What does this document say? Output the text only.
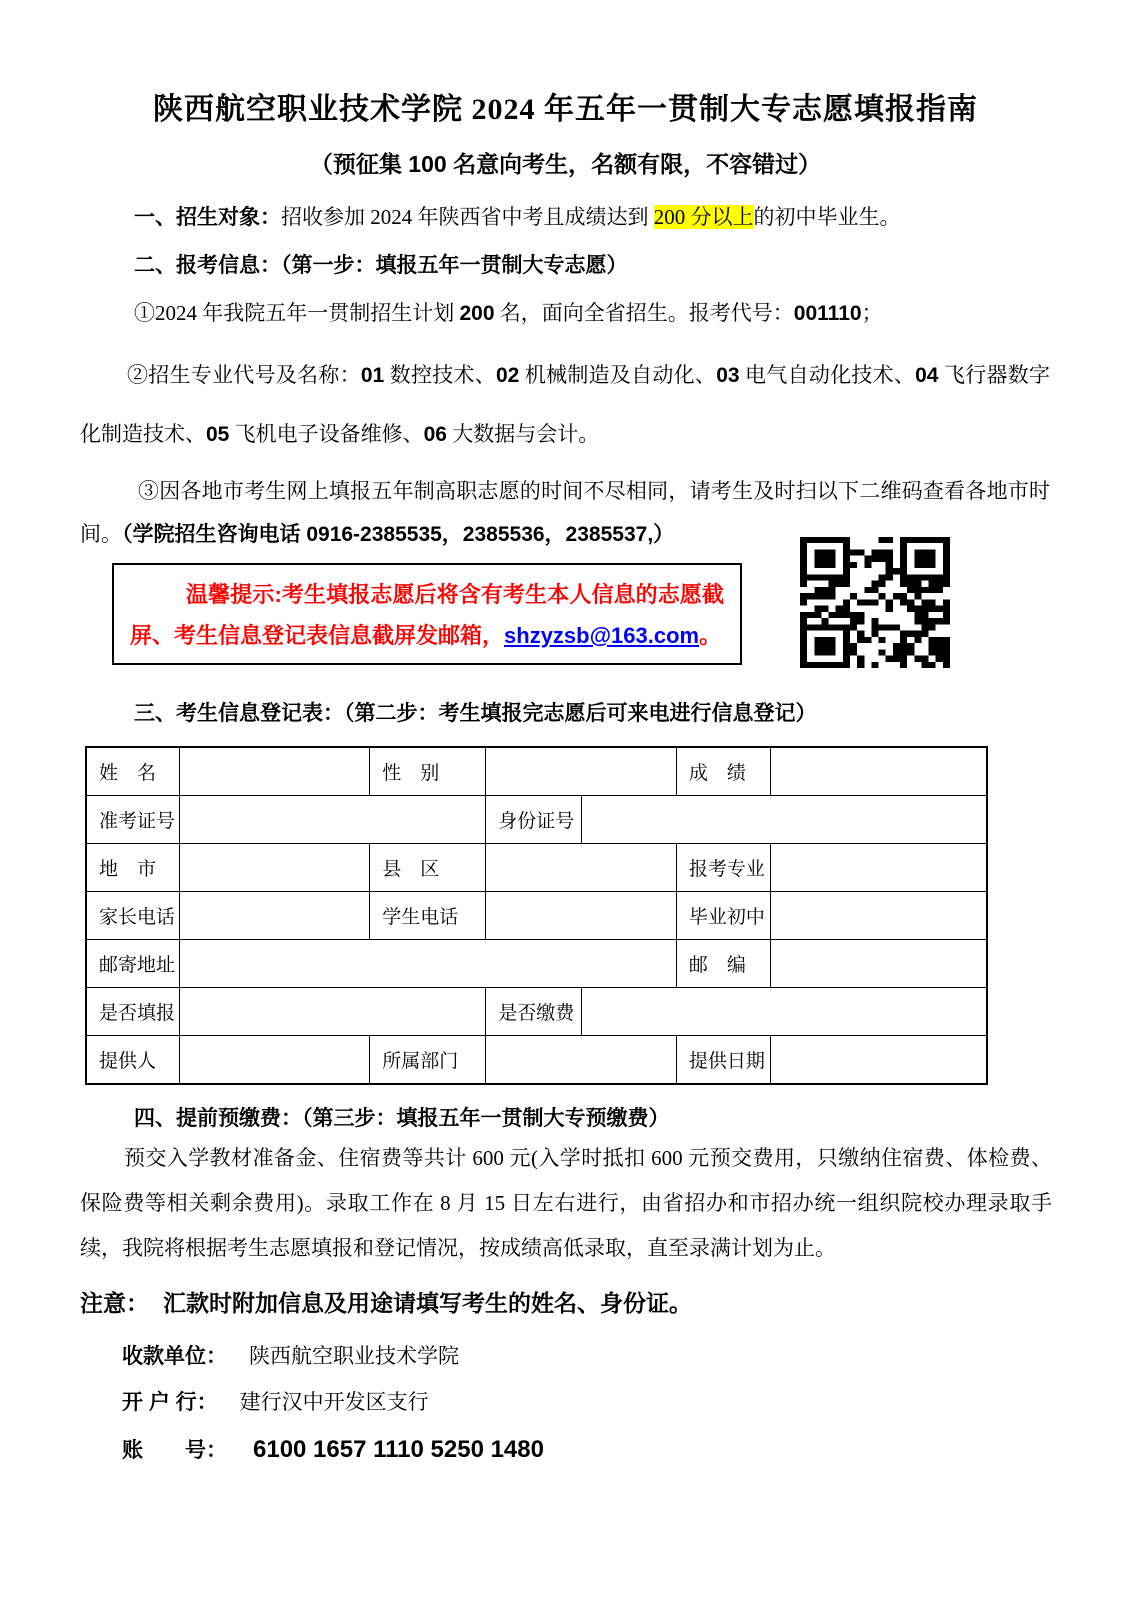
陕西航空职业技术学院 2024 年五年一贯制大专志愿填报指南
（预征集 100 名意向考生，名额有限，不容错过）

一、招生对象：招收参加 2024 年陕西省中考且成绩达到 200 分以上的初中毕业生。

二、报考信息：（第一步：填报五年一贯制大专志愿）

①2024 年我院五年一贯制招生计划 200 名，面向全省招生。报考代号：001110；

②招生专业代号及名称：01 数控技术、02 机械制造及自动化、03 电气自动化技术、04 飞行器数字化制造技术、05 飞机电子设备维修、06 大数据与会计。

③因各地市考生网上填报五年制高职志愿的时间不尽相同，请考生及时扫以下二维码查看各地市时间。（学院招生咨询电话 0916-2385535，2385536，2385537,）

温馨提示:考生填报志愿后将含有考生本人信息的志愿截屏、考生信息登记表信息截屏发邮箱，shzyzsb@163.com。

三、考生信息登记表：（第二步：考生填报完志愿后可来电进行信息登记）

姓　名	性　别	成　绩
准考证号	身份证号
地　市	县　区	报考专业
家长电话	学生电话	毕业初中
邮寄地址	邮　编
是否填报	是否缴费
提供人	所属部门	提供日期

四、提前预缴费：（第三步：填报五年一贯制大专预缴费）

预交入学教材准备金、住宿费等共计 600 元(入学时抵扣 600 元预交费用，只缴纳住宿费、体检费、保险费等相关剩余费用)。录取工作在 8 月 15 日左右进行，由省招办和市招办统一组织院校办理录取手续，我院将根据考生志愿填报和登记情况，按成绩高低录取，直至录满计划为止。

注意： 汇款时附加信息及用途请填写考生的姓名、身份证。

收款单位： 陕西航空职业技术学院

开 户 行： 建行汉中开发区支行

账　　号： 6100 1657 1110 5250 1480
